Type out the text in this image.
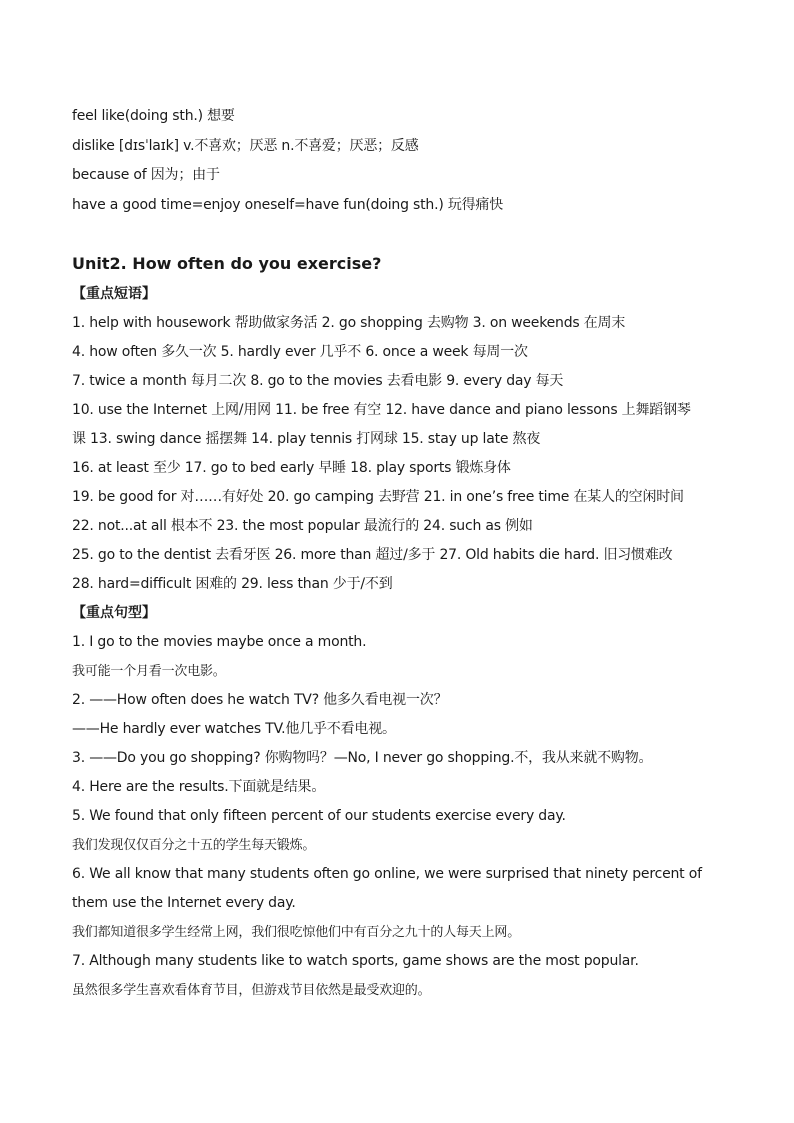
feel like(doing sth.) 想要
dislike [dɪsˈlaɪk] v.不喜欢；厌恶 n.不喜爱；厌恶；反感
because of 因为；由于
have a good time=enjoy oneself=have fun(doing sth.) 玩得痛快
Unit2. How often do you exercise?
【重点短语】
1. help with housework 帮助做家务活 2. go shopping 去购物 3. on weekends 在周末
4. how often 多久一次 5. hardly ever 几乎不 6. once a week 每周一次
7. twice a month 每月二次 8. go to the movies 去看电影 9. every day 每天
10. use the Internet 上网/用网 11. be free 有空 12. have dance and piano lessons 上舞蹈钢琴
课 13. swing dance 摇摆舞 14. play tennis 打网球 15. stay up late 熬夜
16. at least 至少 17. go to bed early 早睡 18. play sports 锻炼身体
19. be good for 对……有好处 20. go camping 去野营 21. in one’s free time 在某人的空闲时间
22. not...at all 根本不 23. the most popular 最流行的 24. such as 例如
25. go to the dentist 去看牙医 26. more than 超过/多于 27. Old habits die hard. 旧习惯难改
28. hard=difficult 困难的 29. less than 少于/不到
【重点句型】
1. I go to the movies maybe once a month.
我可能一个月看一次电影。
2. ——How often does he watch TV? 他多久看电视一次？
——He hardly ever watches TV.他几乎不看电视。
3. ——Do you go shopping? 你购物吗？—No, I never go shopping.不，我从来就不购物。
4. Here are the results.下面就是结果。
5. We found that only fifteen percent of our students exercise every day.
我们发现仅仅百分之十五的学生每天锻炼。
6. We all know that many students often go online, we were surprised that ninety percent of
them use the Internet every day.
我们都知道很多学生经常上网，我们很吃惊他们中有百分之九十的人每天上网。
7. Although many students like to watch sports, game shows are the most popular.
虽然很多学生喜欢看体育节目，但游戏节目依然是最受欢迎的。
